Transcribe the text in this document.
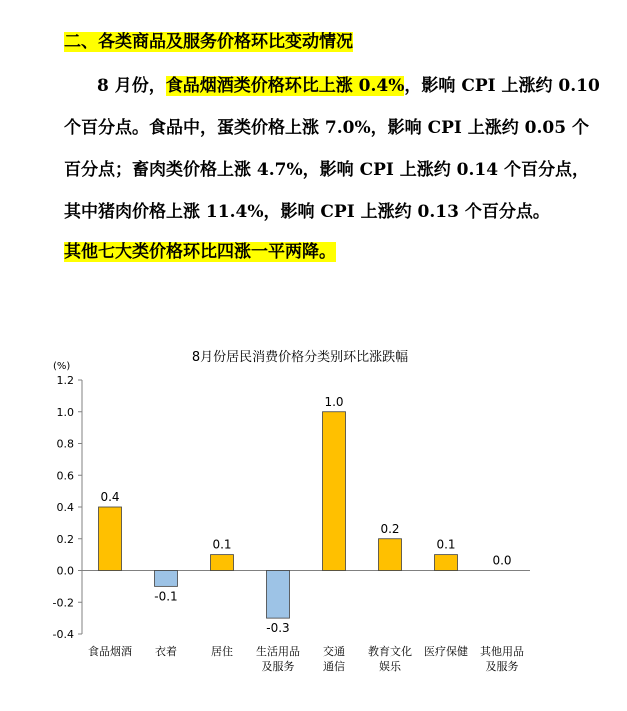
二、各类商品及服务价格环比变动情况
8 月份，食品烟酒类价格环比上涨 0.4%，影响 CPI 上涨约 0.10
个百分点。食品中，蛋类价格上涨 7.0%，影响 CPI 上涨约 0.05 个
百分点；畜肉类价格上涨 4.7%，影响 CPI 上涨约 0.14 个百分点，
其中猪肉价格上涨 11.4%，影响 CPI 上涨约 0.13 个百分点。
其他七大类价格环比四涨一平两降。
8月份居民消费价格分类别环比涨跌幅
(%)
-0.4
-0.2
0.0
0.2
0.4
0.6
0.8
1.0
1.2
0.4
食品烟酒
-0.1
衣着
0.1
居住
-0.3
生活用品
及服务
1.0
交通
通信
0.2
教育文化
娱乐
0.1
医疗保健
0.0
其他用品
及服务
